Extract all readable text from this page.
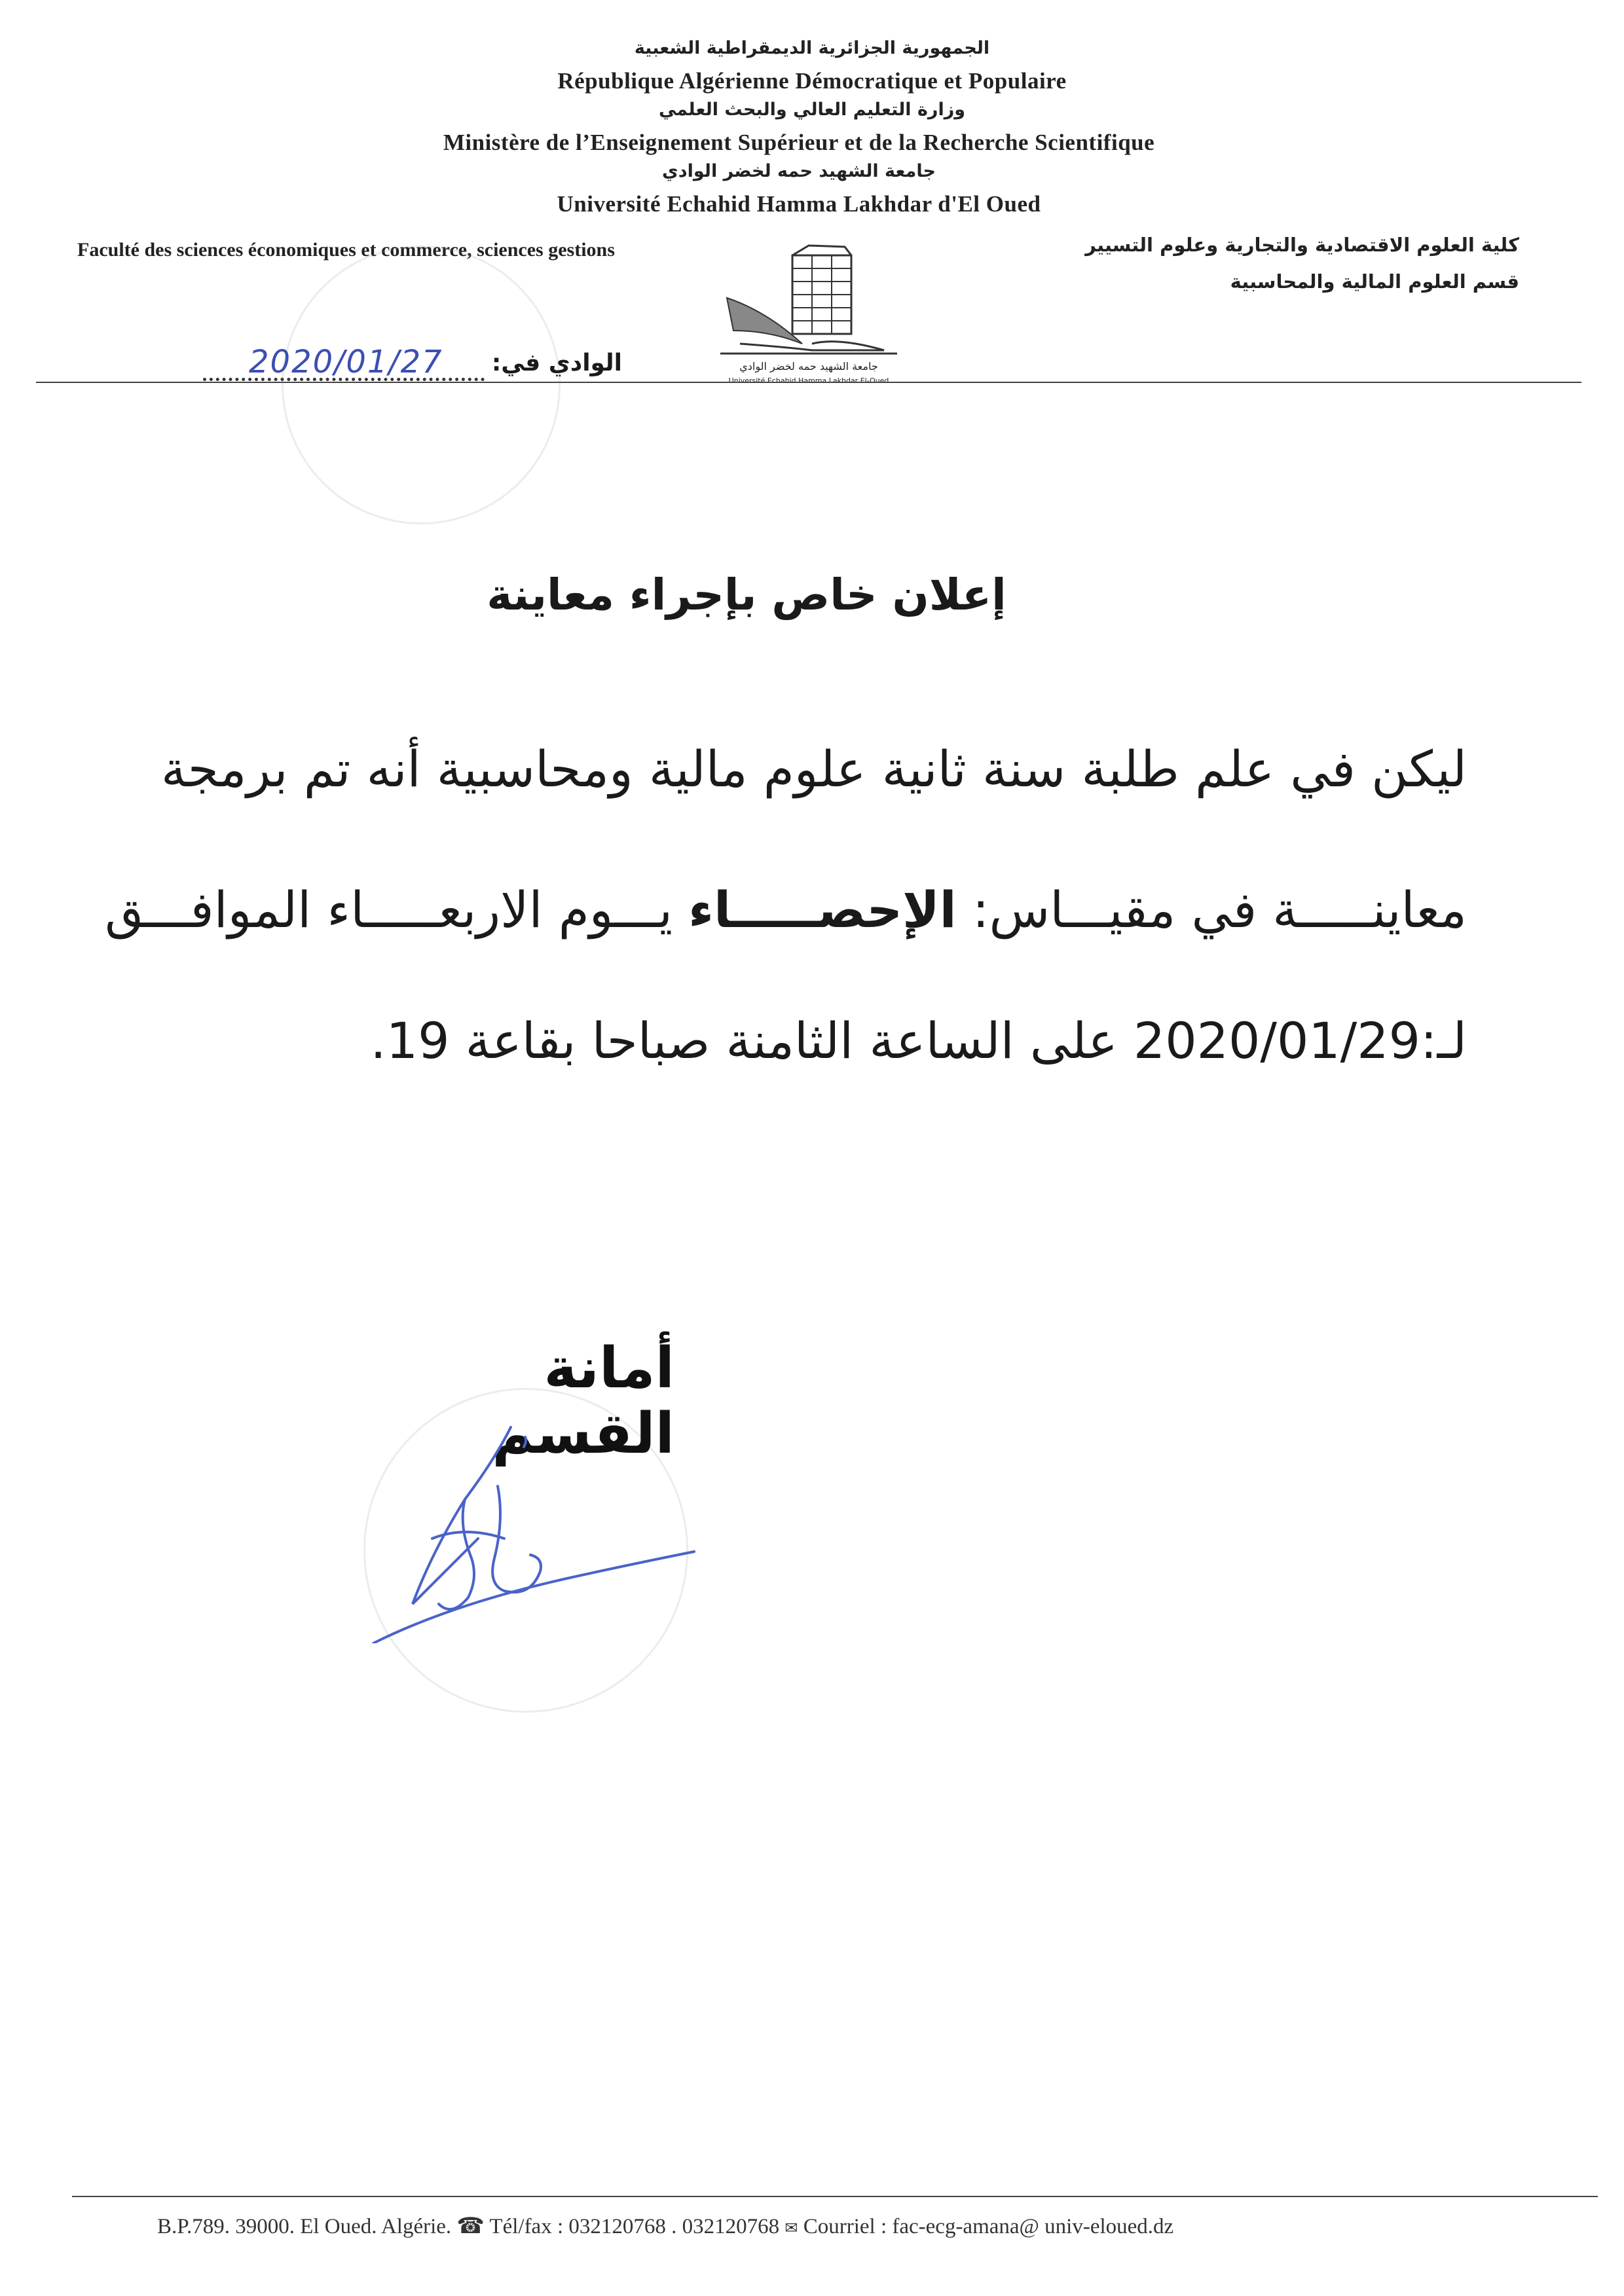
الجمهورية الجزائرية الديمقراطية الشعبية
République Algérienne Démocratique et Populaire
وزارة التعليم العالي والبحث العلمي
Ministère de l’Enseignement Supérieur et de la Recherche Scientifique
جامعة الشهيد حمه لخضر الوادي
Université Echahid Hamma Lakhdar d'El Oued
Faculté des sciences économiques et commerce, sciences gestions	كلية العلوم الاقتصادية والتجارية وعلوم التسيير
قسم العلوم المالية والمحاسبية
جامعة الشهيد حمه لخضر الوادي
Université Echahid Hamma Lakhdar El-Oued
2020/01/27 الوادي في:
إعلان خاص بإجراء معاينة
ليكن في علم طلبة سنة ثانية علوم مالية ومحاسبية أنه تم برمجة
معاينـــــة في مقيـــاس: الإحصـــــاء يـــوم الاربعـــــاء الموافـــق
لـ:2020/01/29 على الساعة الثامنة صباحا بقاعة 19.
أمانة القسم
B.P.789. 39000. El Oued. Algérie. ☎ Tél/fax : 032120768 . 032120768 ✉ Courriel : fac-ecg-amana@ univ-eloued.dz
